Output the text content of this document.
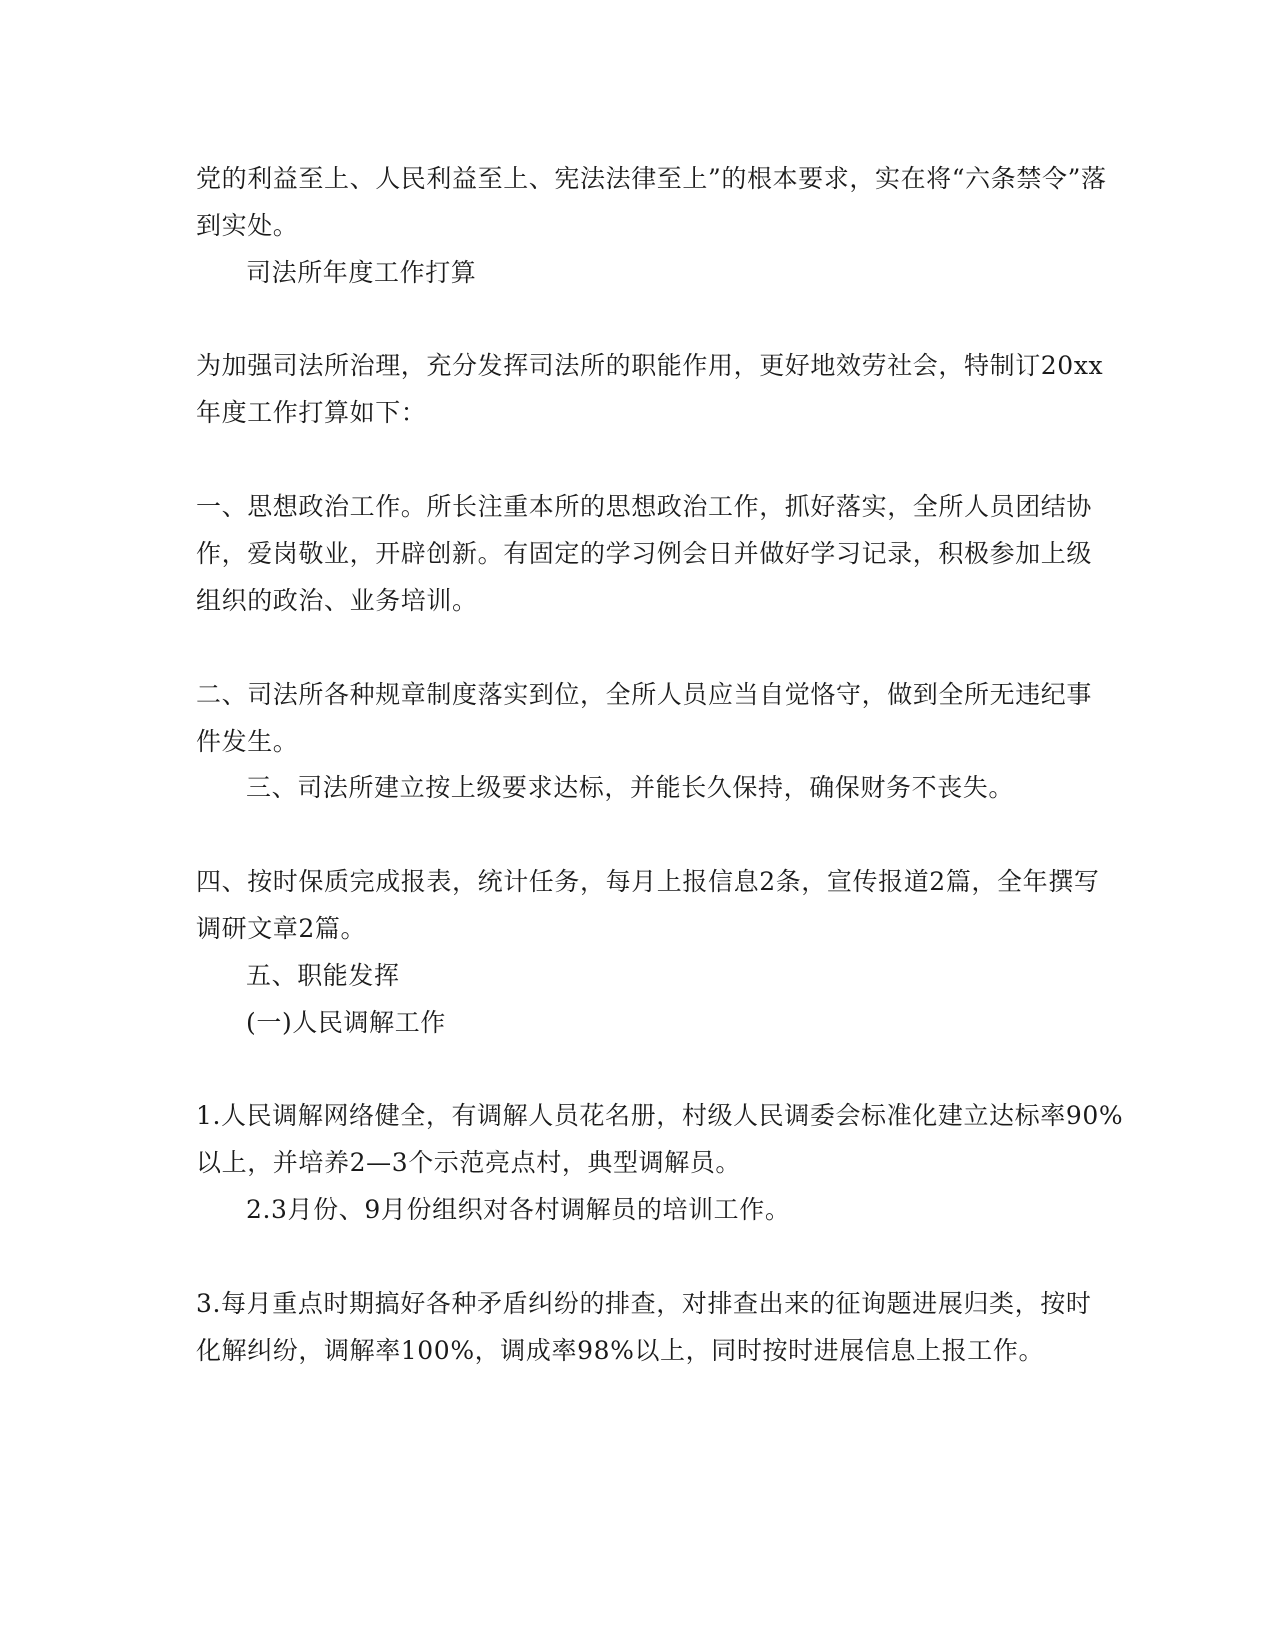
党的利益至上、人民利益至上、宪法法律至上”的根本要求，实在将“六条禁令”落
到实处。
司法所年度工作打算
为加强司法所治理，充分发挥司法所的职能作用，更好地效劳社会，特制订20xx
年度工作打算如下：
一、思想政治工作。所长注重本所的思想政治工作，抓好落实，全所人员团结协
作，爱岗敬业，开辟创新。有固定的学习例会日并做好学习记录，积极参加上级
组织的政治、业务培训。
二、司法所各种规章制度落实到位，全所人员应当自觉恪守，做到全所无违纪事
件发生。
三、司法所建立按上级要求达标，并能长久保持，确保财务不丧失。
四、按时保质完成报表，统计任务，每月上报信息2条，宣传报道2篇，全年撰写
调研文章2篇。
五、职能发挥
(一)人民调解工作
1.人民调解网络健全，有调解人员花名册，村级人民调委会标准化建立达标率90%
以上，并培养2—3个示范亮点村，典型调解员。
2.3月份、9月份组织对各村调解员的培训工作。
3.每月重点时期搞好各种矛盾纠纷的排查，对排查出来的征询题进展归类，按时
化解纠纷，调解率100%，调成率98%以上，同时按时进展信息上报工作。
